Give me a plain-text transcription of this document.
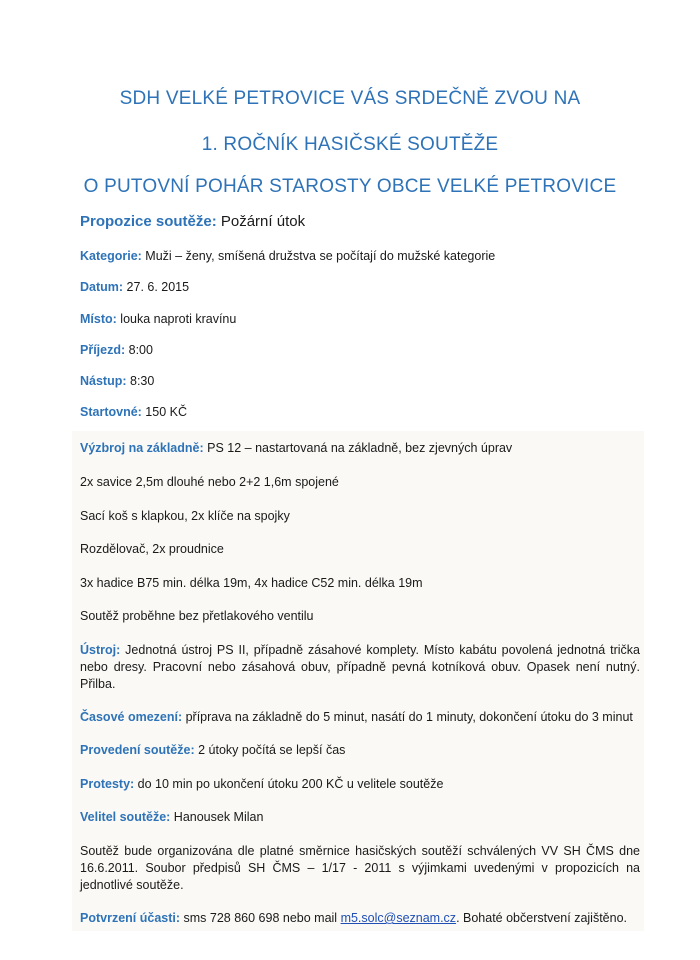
SDH VELKÉ PETROVICE VÁS SRDEČNĚ ZVOU NA
1. ROČNÍK HASIČSKÉ SOUTĚŽE
O PUTOVNÍ POHÁR STAROSTY OBCE VELKÉ PETROVICE
Propozice soutěže: Požární útok
Kategorie: Muži – ženy, smíšená družstva se počítají do mužské kategorie
Datum: 27. 6. 2015
Místo: louka naproti kravínu
Příjezd: 8:00
Nástup: 8:30
Startovné: 150 KČ
Výzbroj na základně: PS 12 – nastartovaná na základně, bez zjevných úprav
2x savice 2,5m dlouhé nebo 2+2 1,6m spojené
Sací koš s klapkou, 2x klíče na spojky
Rozdělovač, 2x proudnice
3x hadice B75 min. délka 19m, 4x hadice C52 min. délka 19m
Soutěž proběhne bez přetlakového ventilu
Ústroj: Jednotná ústroj PS II, případně zásahové komplety. Místo kabátu povolená jednotná trička nebo dresy. Pracovní nebo zásahová obuv, případně pevná kotníková obuv. Opasek není nutný. Přilba.
Časové omezení: příprava na základně do 5 minut, nasátí do 1 minuty, dokončení útoku do 3 minut
Provedení soutěže: 2 útoky počítá se lepší čas
Protesty: do 10 min po ukončení útoku 200 KČ u velitele soutěže
Velitel soutěže: Hanousek Milan
Soutěž bude organizována dle platné směrnice hasičských soutěží schválených VV SH ČMS dne 16.6.2011. Soubor předpisů SH ČMS – 1/17 - 2011 s výjimkami uvedenými v propozicích na jednotlivé soutěže.
Potvrzení účasti: sms 728 860 698 nebo mail m5.solc@seznam.cz. Bohaté občerstvení zajištěno.
